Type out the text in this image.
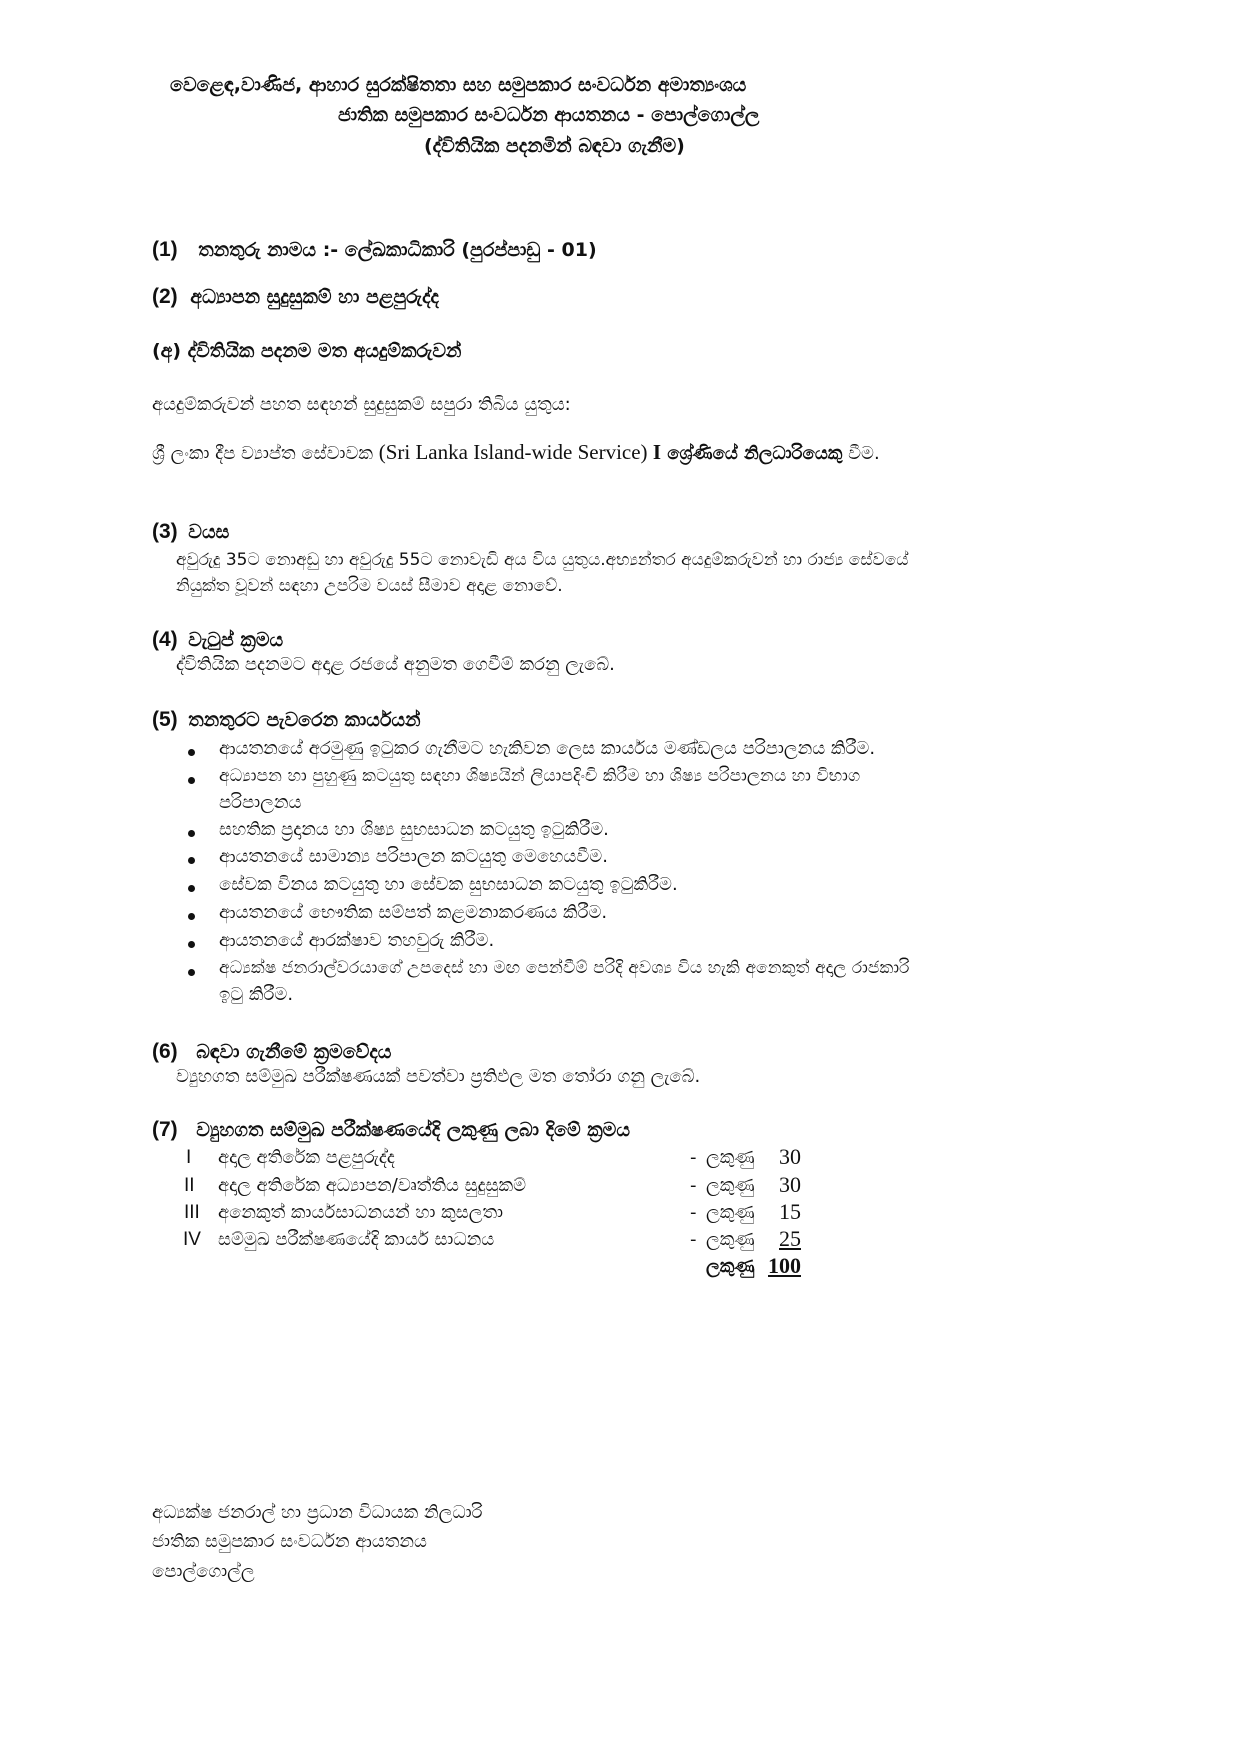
වෙළෙඳ,වාණිජ, ආහාර සුරක්ෂිතතා සහ සමුපකාර සංවර්ධන අමාත්‍යංශය
ජාතික සමුපකාර සංවර්ධන ආයතනය - පොල්ගොල්ල
(ද්විතියික පදනමින් බඳවා ගැනීම)
(1) තනතුරු නාමය :- ලේඛකාධිකාරි (පුරප්පාඩු - 01)
(2) අධ්‍යාපන සුදුසුකම් හා පළපුරුද්ද
(අ) ද්විතියික පදනම මත අයදුම්කරුවන්
අයදුම්කරුවන් පහත සඳහන් සුදුසුකම් සපුරා තිබිය යුතුය:
ශ්‍රී ලංකා දීප ව්‍යාප්ත සේවාවක (Sri Lanka Island-wide Service) I ශ්‍රේණියේ නිලධාරියෙකු වීම.
(3) වයස
අවුරුදු 35ට නොඅඩු හා අවුරුදු 55ට නොවැඩි අය විය යුතුය.අභ්‍යන්තර අයදුම්කරුවන් හා රාජ්‍ය සේවයේ
නියුක්ත වූවන් සඳහා උපරිම වයස් සීමාව අදාළ නොවේ.
(4) වැටුප් ක්‍රමය
ද්විතියික පදනමට අදාළ රජයේ අනුමත ගෙවීම් කරනු ලැබේ.
(5) තනතුරට පැවරෙන කාර්යයන්
ආයතනයේ අරමුණු ඉටුකර ගැනීමට හැකිවන ලෙස කාර්යය මණ්ඩලය පරිපාලනය කිරීම.
අධ්‍යාපන හා පුහුණු කටයුතු සඳහා ශිෂ්‍යයින් ලියාපදිංචි කිරීම හා ශිෂ්‍ය පරිපාලනය හා විභාග
පරිපාලනය
සහතික ප්‍රදානය හා ශිෂ්‍ය සුභසාධන කටයුතු ඉටුකිරීම.
ආයතනයේ සාමාන්‍ය පරිපාලන කටයුතු මෙහෙයවීම.
සේවක විනය කටයුතු හා සේවක සුභසාධන කටයුතු ඉටුකිරීම.
ආයතනයේ භෞතික සම්පත් කළමනාකරණය කිරීම.
ආයතනයේ ආරක්ෂාව තහවුරු කිරීම.
අධ්‍යක්ෂ ජනරාල්වරයාගේ උපදෙස් හා මඟ පෙන්වීම් පරිදි අවශ්‍ය විය හැකි අනෙකුත් අදාල රාජකාරි
ඉටු කිරීම.
(6) බඳවා ගැනීමේ ක්‍රමවේදය
ව්‍යුහගත සම්මුඛ පරීක්ෂණයක් පවත්වා ප්‍රතිඵල මත තෝරා ගනු ලැබේ.
(7) ව්‍යුහගත සම්මුඛ පරීක්ෂණයේදි ලකුණු ලබා දිමේ ක්‍රමය
I අදාල අතිරේක පළපුරුද්ද	- ලකුණු 30
II අදාල අතිරේක අධ්‍යාපන/වෘත්තිය සුදුසුකම්	- ලකුණු 30
III අනෙකුත් කාර්යසාධනයන් හා කුසලතා	- ලකුණු 15
IV සම්මුඛ පරීක්ෂණයේදි කාර්ය සාධනය	- ලකුණු 25
ලකුණු 100
අධ්‍යක්ෂ ජනරාල් හා ප්‍රධාන විධායක නිලධාරි
ජාතික සමුපකාර සංවර්ධන ආයතනය
පොල්ගොල්ල
